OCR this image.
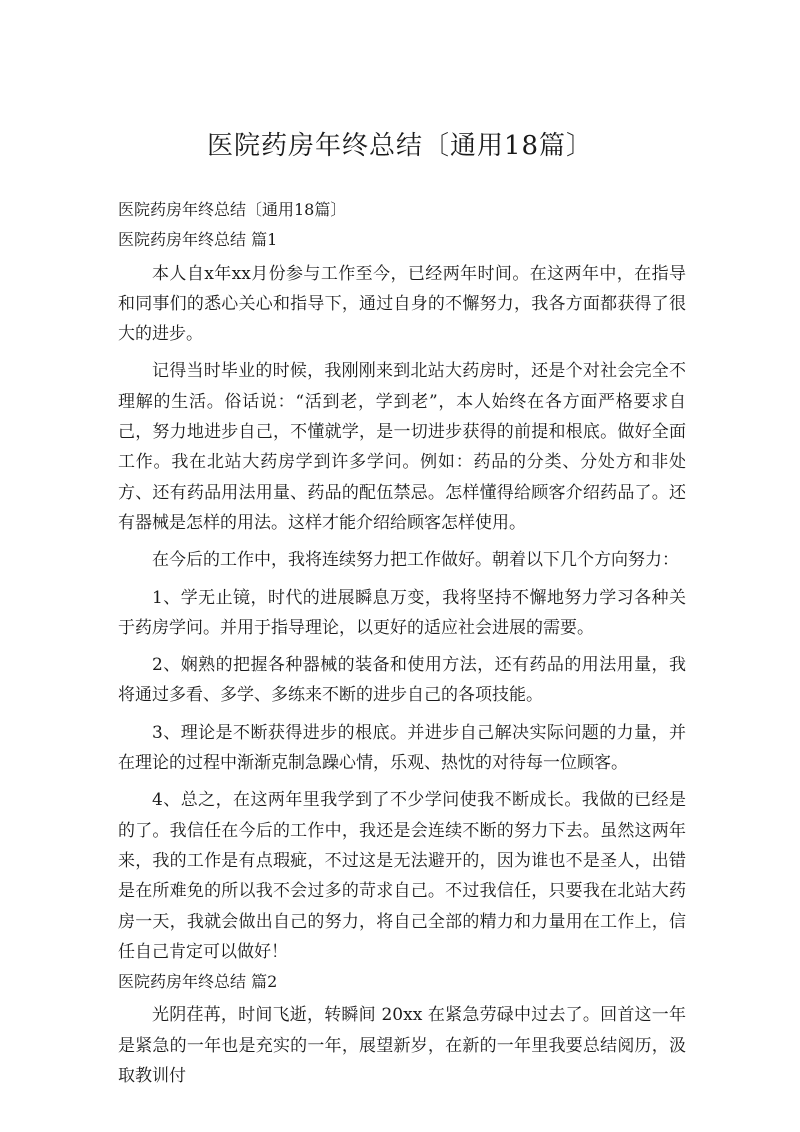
医院药房年终总结〔通用18篇〕

医院药房年终总结〔通用18篇〕

医院药房年终总结 篇1

本人自x年xx月份参与工作至今，已经两年时间。在这两年中，在指导和同事们的悉心关心和指导下，通过自身的不懈努力，我各方面都获得了很大的进步。

记得当时毕业的时候，我刚刚来到北站大药房时，还是个对社会完全不理解的生活。俗话说：“活到老，学到老”，本人始终在各方面严格要求自己，努力地进步自己，不懂就学，是一切进步获得的前提和根底。做好全面工作。我在北站大药房学到许多学问。例如：药品的分类、分处方和非处方、还有药品用法用量、药品的配伍禁忌。怎样懂得给顾客介绍药品了。还有器械是怎样的用法。这样才能介绍给顾客怎样使用。

在今后的工作中，我将连续努力把工作做好。朝着以下几个方向努力：

1、学无止镜，时代的进展瞬息万变，我将坚持不懈地努力学习各种关于药房学问。并用于指导理论，以更好的适应社会进展的需要。

2、娴熟的把握各种器械的装备和使用方法，还有药品的用法用量，我将通过多看、多学、多练来不断的进步自己的各项技能。

3、理论是不断获得进步的根底。并进步自己解决实际问题的力量，并在理论的过程中渐渐克制急躁心情，乐观、热忱的对待每一位顾客。

4、总之，在这两年里我学到了不少学问使我不断成长。我做的已经是的了。我信任在今后的工作中，我还是会连续不断的努力下去。虽然这两年来，我的工作是有点瑕疵，不过这是无法避开的，因为谁也不是圣人，出错是在所难免的所以我不会过多的苛求自己。不过我信任，只要我在北站大药房一天，我就会做出自己的努力，将自己全部的精力和力量用在工作上，信任自己肯定可以做好！

医院药房年终总结 篇2

光阴荏苒，时间飞逝，转瞬间 20xx 在紧急劳碌中过去了。回首这一年是紧急的一年也是充实的一年，展望新岁，在新的一年里我要总结阅历，汲取教训付
